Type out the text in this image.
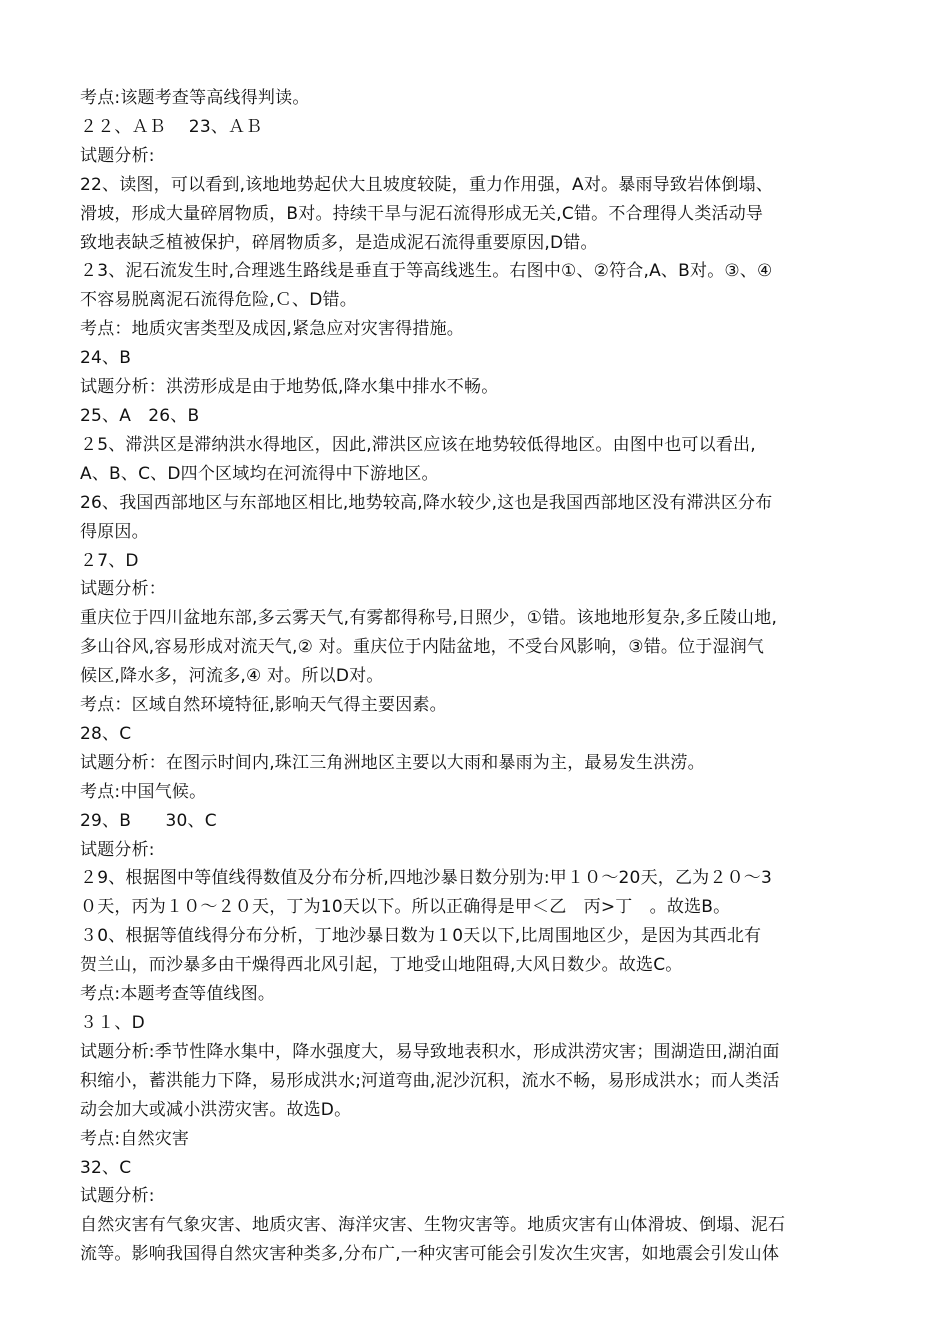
考点:该题考查等高线得判读。
２２、ＡＢ　 23、ＡＢ
试题分析:
22、读图，可以看到,该地地势起伏大且坡度较陡，重力作用强，A对。暴雨导致岩体倒塌、
滑坡，形成大量碎屑物质，B对。持续干旱与泥石流得形成无关,C错。不合理得人类活动导
致地表缺乏植被保护，碎屑物质多，是造成泥石流得重要原因,D错。
２3、泥石流发生时,合理逃生路线是垂直于等高线逃生。右图中①、②符合,A、B对。③、④
不容易脱离泥石流得危险,Ｃ、D错。
考点：地质灾害类型及成因,紧急应对灾害得措施。
24、B
试题分析：洪涝形成是由于地势低,降水集中排水不畅。
25、A　26、B
２5、滞洪区是滞纳洪水得地区，因此,滞洪区应该在地势较低得地区。由图中也可以看出,
A、B、C、D四个区域均在河流得中下游地区。
26、我国西部地区与东部地区相比,地势较高,降水较少,这也是我国西部地区没有滞洪区分布
得原因。
２7、D
试题分析：
重庆位于四川盆地东部,多云雾天气,有雾都得称号,日照少，①错。该地地形复杂,多丘陵山地,
多山谷风,容易形成对流天气,② 对。重庆位于内陆盆地，不受台风影响，③错。位于湿润气
候区,降水多，河流多,④ 对。所以D对。
考点：区域自然环境特征,影响天气得主要因素。
28、C
试题分析：在图示时间内,珠江三角洲地区主要以大雨和暴雨为主，最易发生洪涝。
考点:中国气候。
29、B　　30、C
试题分析:
２9、根据图中等值线得数值及分布分析,四地沙暴日数分别为:甲１０～20天，乙为２０～3
０天，丙为１０～２０天，丁为10天以下。所以正确得是甲＜乙　丙>丁　。故选B。
３0、根据等值线得分布分析，丁地沙暴日数为１0天以下,比周围地区少，是因为其西北有
贺兰山，而沙暴多由干燥得西北风引起，丁地受山地阻碍,大风日数少。故选C。
考点:本题考查等值线图。
３１、D
试题分析:季节性降水集中，降水强度大，易导致地表积水，形成洪涝灾害；围湖造田,湖泊面
积缩小，蓄洪能力下降，易形成洪水;河道弯曲,泥沙沉积，流水不畅，易形成洪水；而人类活
动会加大或减小洪涝灾害。故选D。
考点:自然灾害
32、C
试题分析:
自然灾害有气象灾害、地质灾害、海洋灾害、生物灾害等。地质灾害有山体滑坡、倒塌、泥石
流等。影响我国得自然灾害种类多,分布广,一种灾害可能会引发次生灾害，如地震会引发山体
